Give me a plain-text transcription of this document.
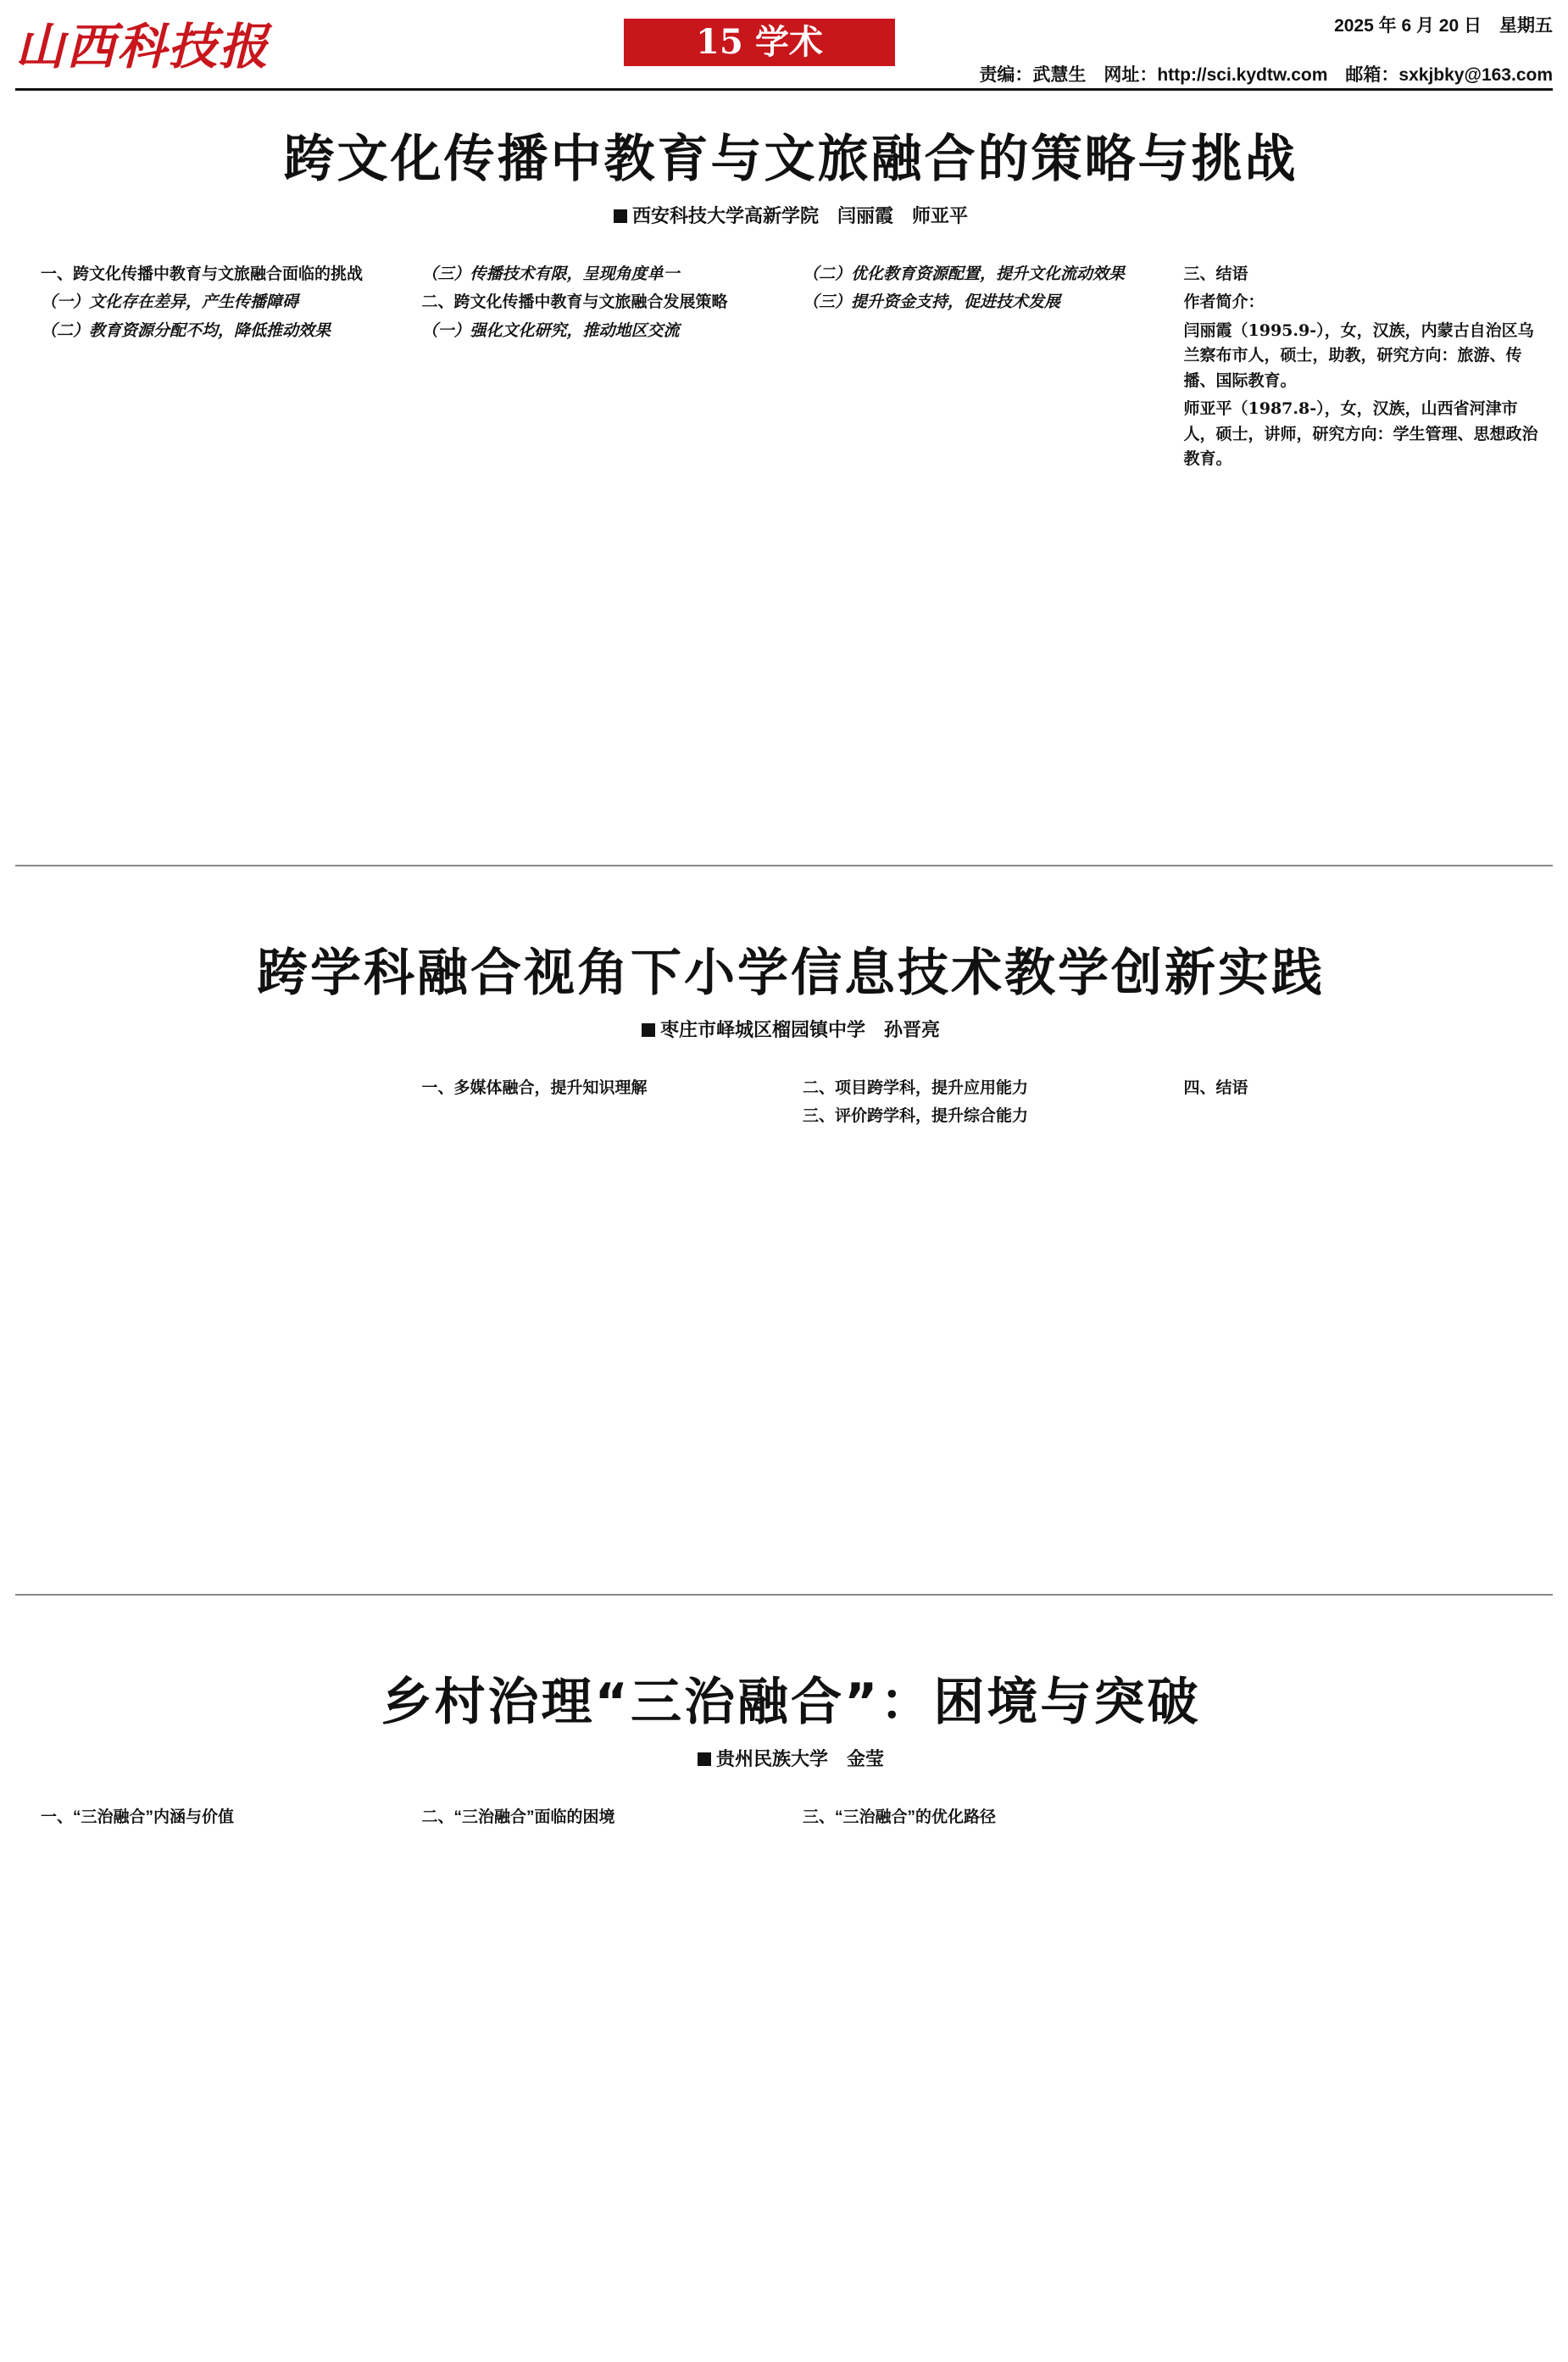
山西科技报	15 学术	2025 年 6 月 20 日　星期五
责编：武慧生　网址：http://sci.kydtw.com　邮箱：sxkjbky@163.com
跨文化传播中教育与文旅融合的策略与挑战
西安科技大学高新学院　闫丽霞　师亚平
一、跨文化传播中教育与文旅融合面临的挑战
（一）文化存在差异，产生传播障碍
（二）教育资源分配不均，降低推动效果
（三）传播技术有限，呈现角度单一
二、跨文化传播中教育与文旅融合发展策略
（一）强化文化研究，推动地区交流
（二）优化教育资源配置，提升文化流动效果
（三）提升资金支持，促进技术发展
三、结语
作者简介：
闫丽霞（1995.9-），女，汉族，内蒙古自治区乌兰察布市人，硕士，助教，研究方向：旅游、传播、国际教育。
师亚平（1987.8-），女，汉族，山西省河津市人，硕士，讲师，研究方向：学生管理、思想政治教育。
跨学科融合视角下小学信息技术教学创新实践
枣庄市峄城区榴园镇中学　孙晋亮
一、多媒体融合，提升知识理解	二、项目跨学科，提升应用能力
三、评价跨学科，提升综合能力
四、结语
乡村治理“三治融合”：困境与突破
贵州民族大学　金莹
一、“三治融合”内涵与价值	二、“三治融合”面临的困境	三、“三治融合”的优化路径
